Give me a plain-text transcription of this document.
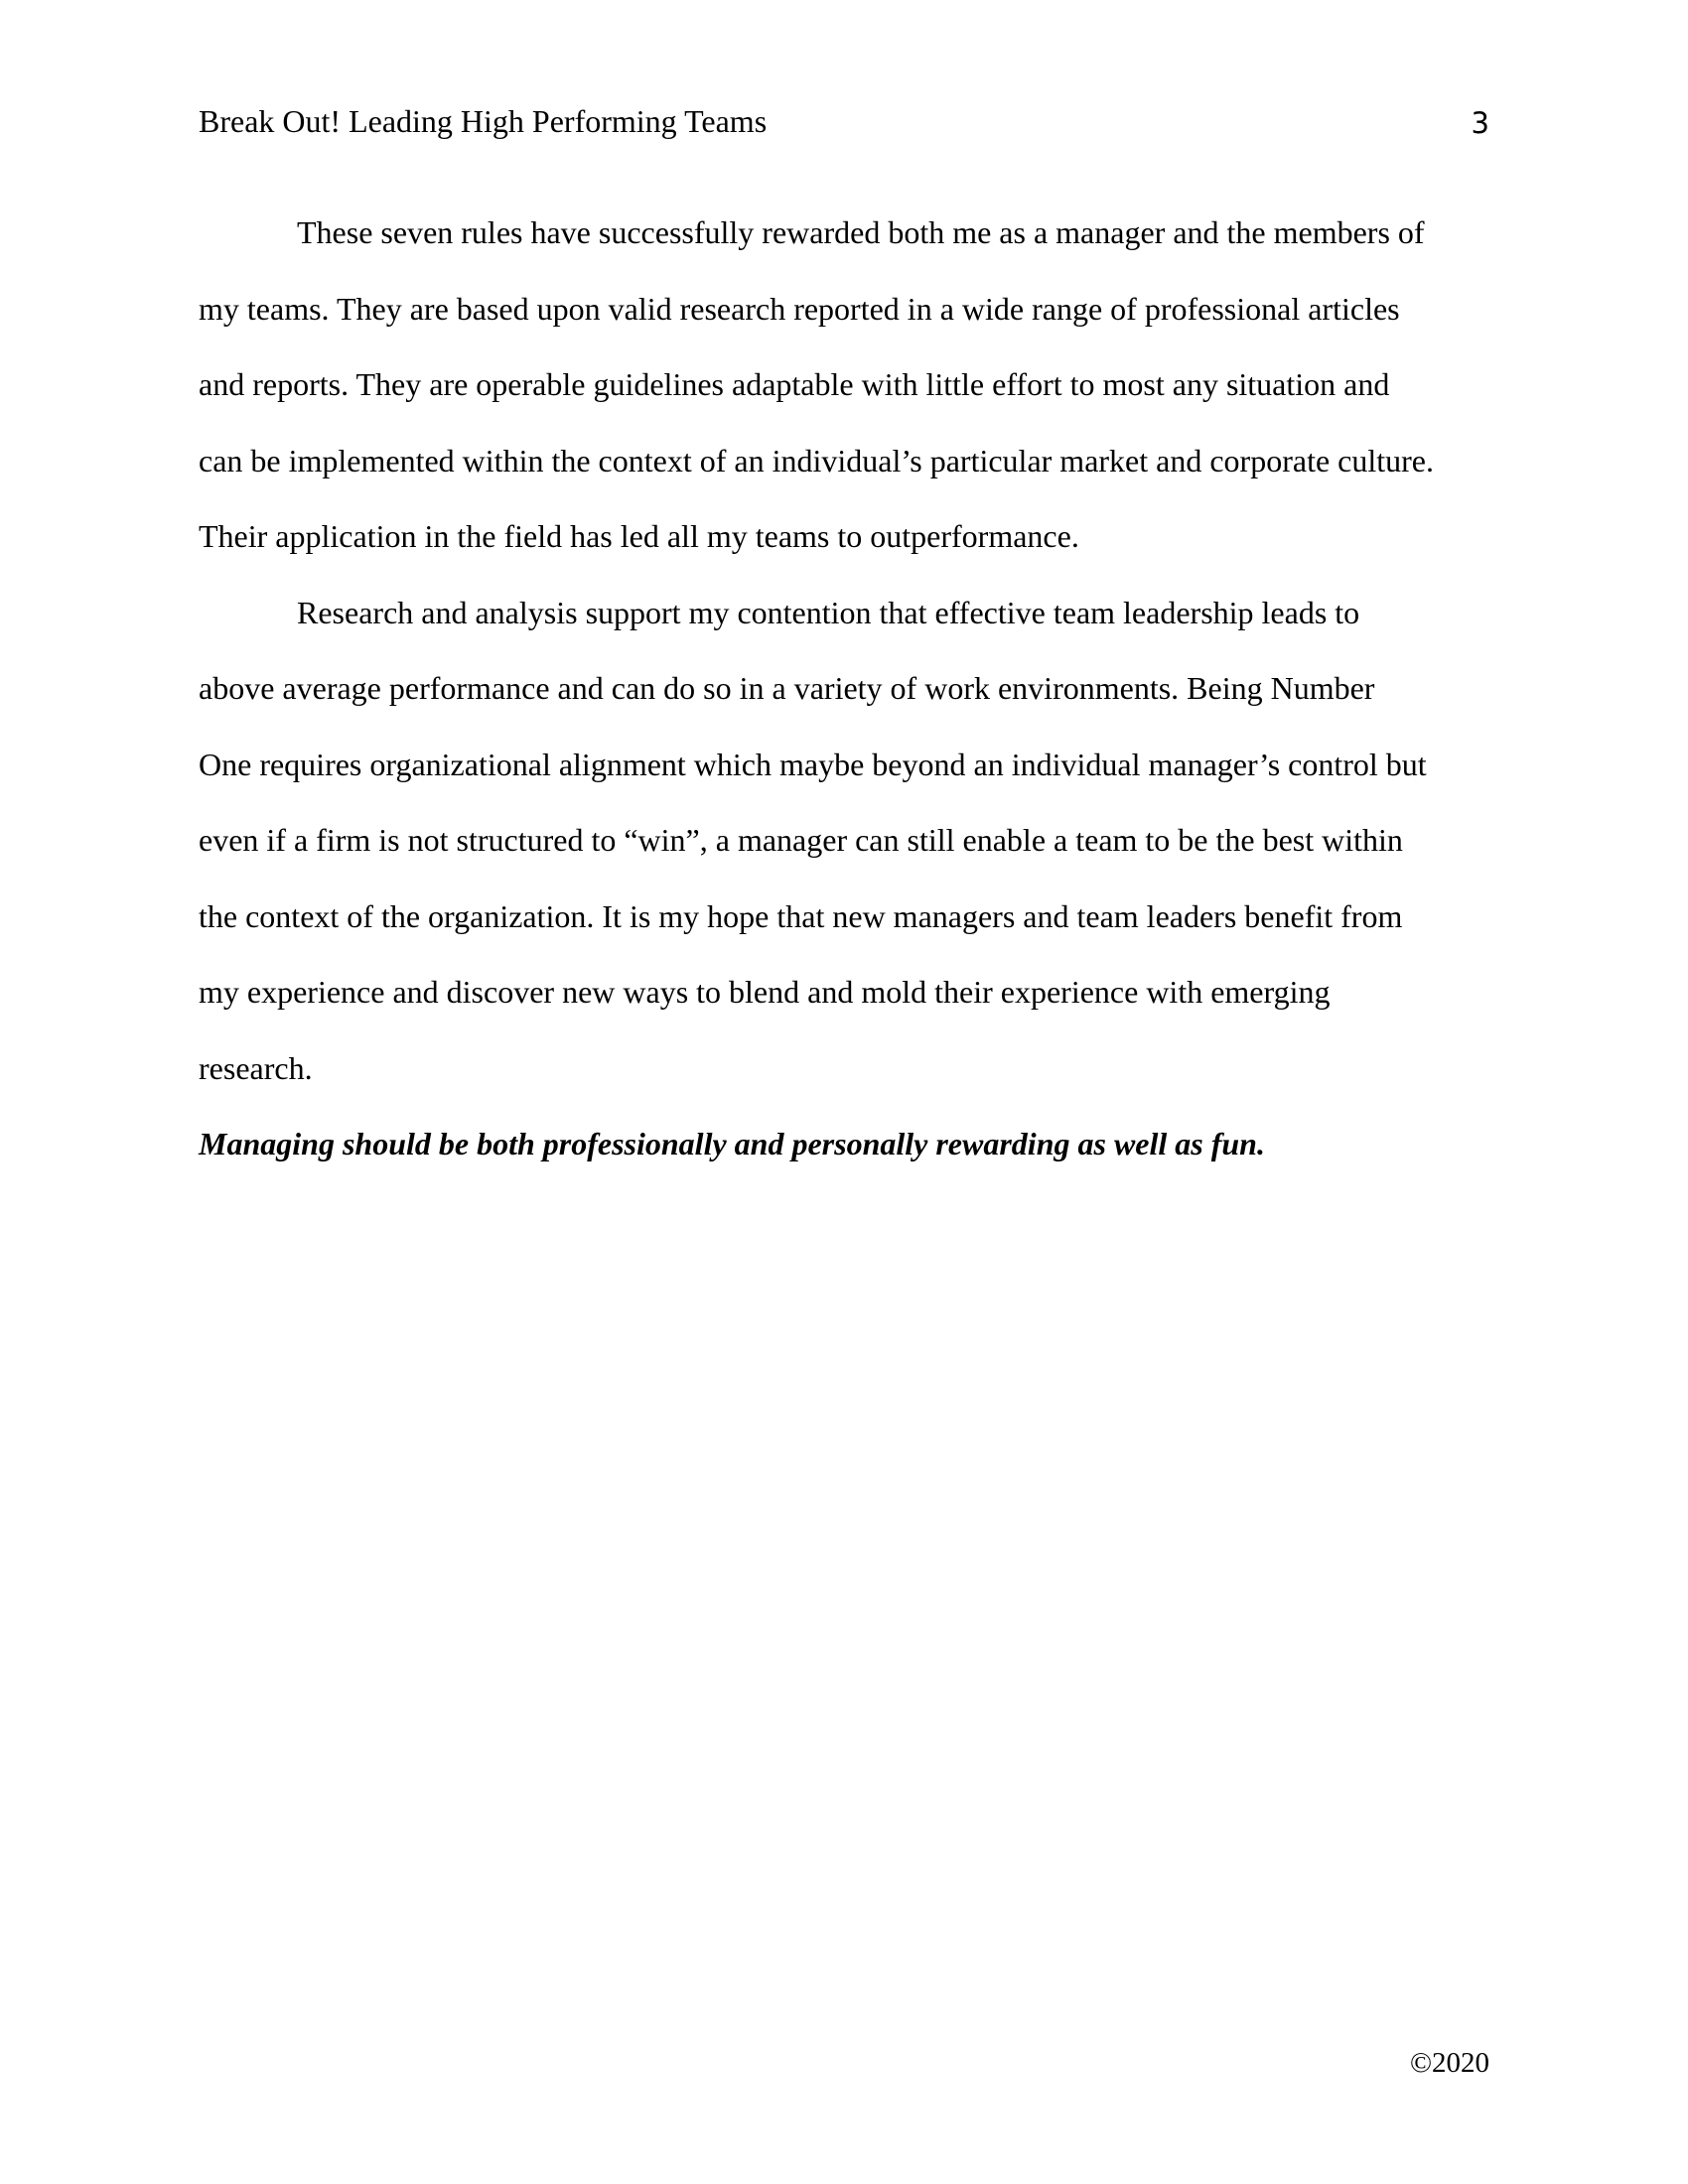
Break Out! Leading High Performing Teams	3

These seven rules have successfully rewarded both me as a manager and the members of
my teams. They are based upon valid research reported in a wide range of professional articles
and reports. They are operable guidelines adaptable with little effort to most any situation and
can be implemented within the context of an individual’s particular market and corporate culture.
Their application in the field has led all my teams to outperformance.

Research and analysis support my contention that effective team leadership leads to
above average performance and can do so in a variety of work environments. Being Number
One requires organizational alignment which maybe beyond an individual manager’s control but
even if a firm is not structured to “win”, a manager can still enable a team to be the best within
the context of the organization. It is my hope that new managers and team leaders benefit from
my experience and discover new ways to blend and mold their experience with emerging
research.

Managing should be both professionally and personally rewarding as well as fun.

©2020
